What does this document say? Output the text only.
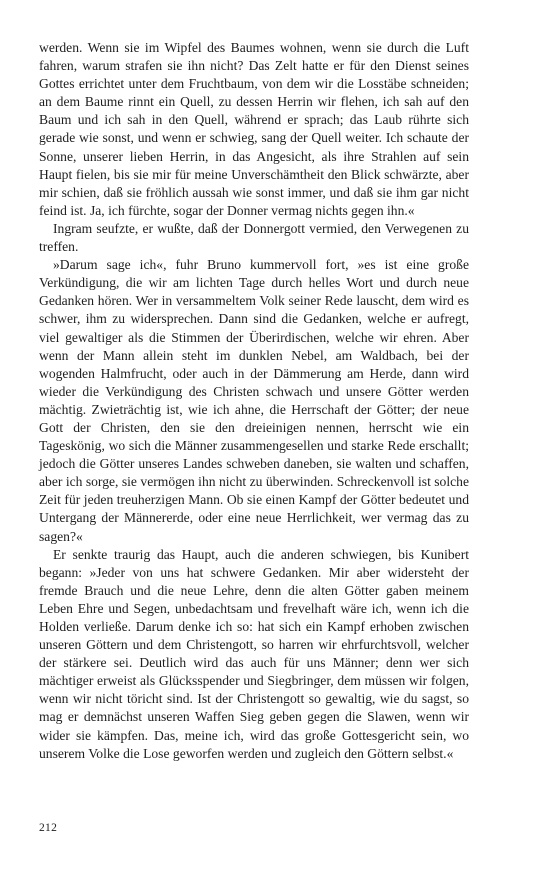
werden. Wenn sie im Wipfel des Baumes wohnen, wenn sie durch die Luft fahren, warum strafen sie ihn nicht? Das Zelt hatte er für den Dienst seines Gottes errichtet unter dem Fruchtbaum, von dem wir die Losstäbe schneiden; an dem Baume rinnt ein Quell, zu dessen Herrin wir flehen, ich sah auf den Baum und ich sah in den Quell, während er sprach; das Laub rührte sich gerade wie sonst, und wenn er schwieg, sang der Quell weiter. Ich schaute der Sonne, unserer lieben Herrin, in das Angesicht, als ihre Strahlen auf sein Haupt fielen, bis sie mir für meine Unverschämtheit den Blick schwärzte, aber mir schien, daß sie fröhlich aussah wie sonst immer, und daß sie ihm gar nicht feind ist. Ja, ich fürchte, sogar der Donner vermag nichts gegen ihn.«

Ingram seufzte, er wußte, daß der Donnergott vermied, den Verwegenen zu treffen.

»Darum sage ich«, fuhr Bruno kummervoll fort, »es ist eine große Verkündigung, die wir am lichten Tage durch helles Wort und durch neue Gedanken hören. Wer in versammeltem Volk seiner Rede lauscht, dem wird es schwer, ihm zu widersprechen. Dann sind die Gedanken, welche er aufregt, viel gewaltiger als die Stimmen der Überirdischen, welche wir ehren. Aber wenn der Mann allein steht im dunklen Nebel, am Waldbach, bei der wogenden Halmfrucht, oder auch in der Dämmerung am Herde, dann wird wieder die Verkündigung des Christen schwach und unsere Götter werden mächtig. Zwieträchtig ist, wie ich ahne, die Herrschaft der Götter; der neue Gott der Christen, den sie den dreieinigen nennen, herrscht wie ein Tageskönig, wo sich die Männer zusammengesellen und starke Rede erschallt; jedoch die Götter unseres Landes schweben daneben, sie walten und schaffen, aber ich sorge, sie vermögen ihn nicht zu überwinden. Schreckenvoll ist solche Zeit für jeden treuherzigen Mann. Ob sie einen Kampf der Götter bedeutet und Untergang der Männererde, oder eine neue Herrlichkeit, wer vermag das zu sagen?«

Er senkte traurig das Haupt, auch die anderen schwiegen, bis Kunibert begann: »Jeder von uns hat schwere Gedanken. Mir aber widersteht der fremde Brauch und die neue Lehre, denn die alten Götter gaben meinem Leben Ehre und Segen, unbedachtsam und frevelhaft wäre ich, wenn ich die Holden verließe. Darum denke ich so: hat sich ein Kampf erhoben zwischen unseren Göttern und dem Christengott, so harren wir ehrfurchtsvoll, welcher der stärkere sei. Deutlich wird das auch für uns Männer; denn wer sich mächtiger erweist als Glücksspender und Siegbringer, dem müssen wir folgen, wenn wir nicht töricht sind. Ist der Christengott so gewaltig, wie du sagst, so mag er demnächst unseren Waffen Sieg geben gegen die Slawen, wenn wir wider sie kämpfen. Das, meine ich, wird das große Gottesgericht sein, wo unserem Volke die Lose geworfen werden und zugleich den Göttern selbst.«

212
